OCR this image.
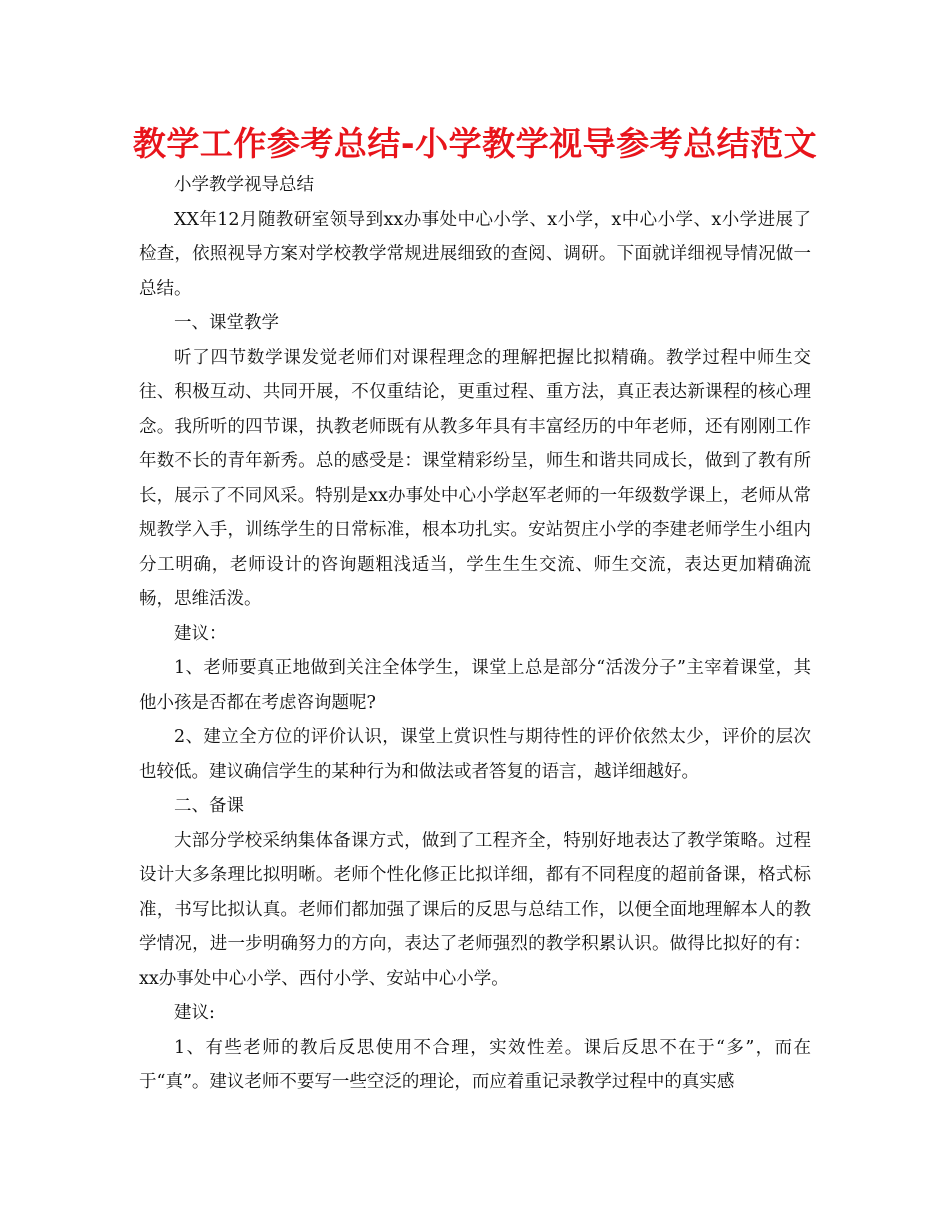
教学工作参考总结-小学教学视导参考总结范文

小学教学视导总结

XX年12月随教研室领导到xx办事处中心小学、x小学，x中心小学、x小学进展了检查，依照视导方案对学校教学常规进展细致的查阅、调研。下面就详细视导情况做一总结。

一、课堂教学

听了四节数学课发觉老师们对课程理念的理解把握比拟精确。教学过程中师生交往、积极互动、共同开展，不仅重结论，更重过程、重方法，真正表达新课程的核心理念。我所听的四节课，执教老师既有从教多年具有丰富经历的中年老师，还有刚刚工作年数不长的青年新秀。总的感受是：课堂精彩纷呈，师生和谐共同成长，做到了教有所长，展示了不同风采。特别是xx办事处中心小学赵军老师的一年级数学课上，老师从常规教学入手，训练学生的日常标准，根本功扎实。安站贺庄小学的李建老师学生小组内分工明确，老师设计的咨询题粗浅适当，学生生生交流、师生交流，表达更加精确流畅，思维活泼。

建议：

1、老师要真正地做到关注全体学生，课堂上总是部分“活泼分子”主宰着课堂，其他小孩是否都在考虑咨询题呢?

2、建立全方位的评价认识，课堂上赏识性与期待性的评价依然太少，评价的层次也较低。建议确信学生的某种行为和做法或者答复的语言，越详细越好。

二、备课

大部分学校采纳集体备课方式，做到了工程齐全，特别好地表达了教学策略。过程设计大多条理比拟明晰。老师个性化修正比拟详细，都有不同程度的超前备课，格式标准，书写比拟认真。老师们都加强了课后的反思与总结工作，以便全面地理解本人的教学情况，进一步明确努力的方向，表达了老师强烈的教学积累认识。做得比拟好的有：xx办事处中心小学、西付小学、安站中心小学。

建议:

1、有些老师的教后反思使用不合理，实效性差。课后反思不在于“多”，而在于“真”。建议老师不要写一些空泛的理论，而应着重记录教学过程中的真实感
